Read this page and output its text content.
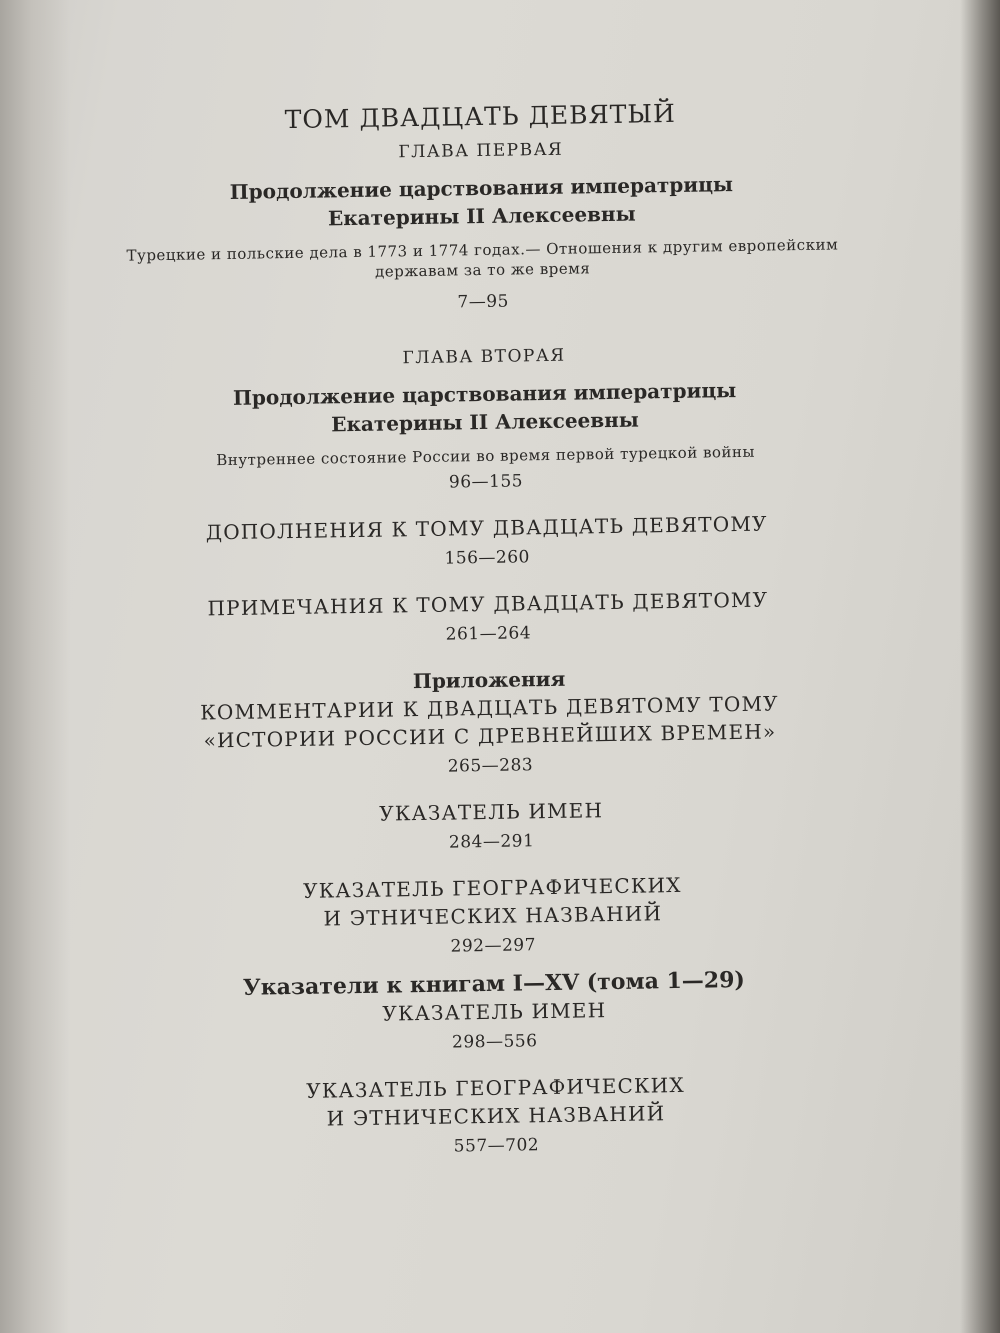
ТОМ ДВАДЦАТЬ ДЕВЯТЫЙ

ГЛАВА ПЕРВАЯ

Продолжение царствования императрицы

Екатерины II Алексеевны

Турецкие и польские дела в 1773 и 1774 годах.— Отношения к другим европейским

державам за то же время

7—95

ГЛАВА ВТОРАЯ

Продолжение царствования императрицы

Екатерины II Алексеевны

Внутреннее состояние России во время первой турецкой войны

96—155

ДОПОЛНЕНИЯ К ТОМУ ДВАДЦАТЬ ДЕВЯТОМУ

156—260

ПРИМЕЧАНИЯ К ТОМУ ДВАДЦАТЬ ДЕВЯТОМУ

261—264

Приложения

КОММЕНТАРИИ К ДВАДЦАТЬ ДЕВЯТОМУ ТОМУ

«ИСТОРИИ РОССИИ С ДРЕВНЕЙШИХ ВРЕМЕН»

265—283

УКАЗАТЕЛЬ ИМЕН

284—291

УКАЗАТЕЛЬ ГЕОГРАФИЧЕСКИХ

И ЭТНИЧЕСКИХ НАЗВАНИЙ

292—297

Указатели к книгам I—XV (тома 1—29)

УКАЗАТЕЛЬ ИМЕН

298—556

УКАЗАТЕЛЬ ГЕОГРАФИЧЕСКИХ

И ЭТНИЧЕСКИХ НАЗВАНИЙ

557—702
